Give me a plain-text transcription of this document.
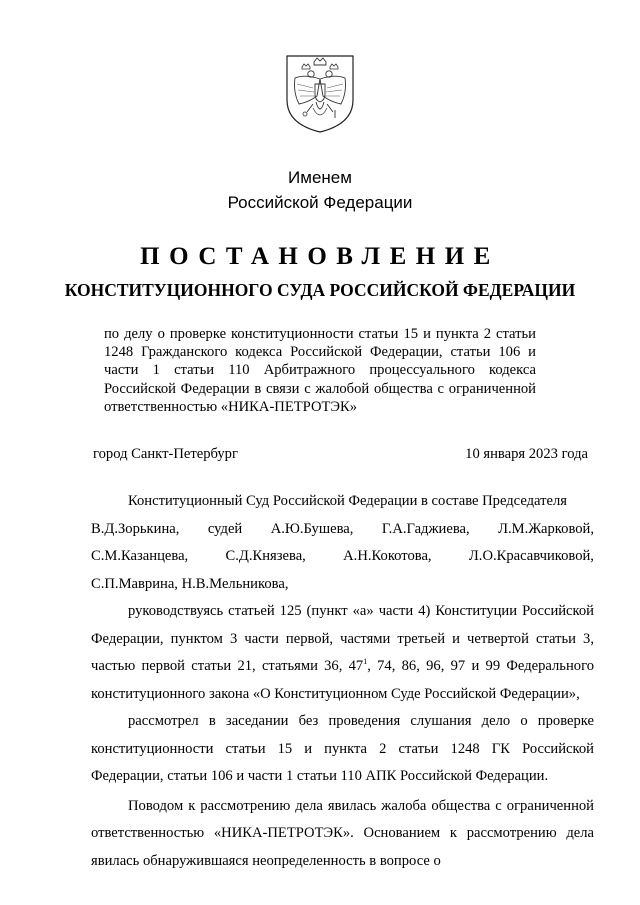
Именем
Российской Федерации
ПОСТАНОВЛЕНИЕ
КОНСТИТУЦИОННОГО СУДА РОССИЙСКОЙ ФЕДЕРАЦИИ
по делу о проверке конституционности статьи 15 и пункта 2 статьи 1248 Гражданского кодекса Российской Федерации, статьи 106 и части 1 статьи 110 Арбитражного процессуального кодекса Российской Федерации в связи с жалобой общества с ограниченной ответственностью «НИКА-ПЕТРОТЭК»
город Санкт-Петербург	10 января 2023 года

Конституционный Суд Российской Федерации в составе Председателя

В.Д.Зорькина, судей А.Ю.Бушева, Г.А.Гаджиева, Л.М.Жарковой,
С.М.Казанцева,	С.Д.Князева,	А.Н.Кокотова,	Л.О.Красавчиковой,
С.П.Маврина, Н.В.Мельникова,

руководствуясь статьей 125 (пункт «а» части 4) Конституции Российской Федерации, пунктом 3 части первой, частями третьей и четвертой статьи 3, частью первой статьи 21, статьями 36, $47^1$, 74, 86, 96, 97 и 99 Федерального конституционного закона «О Конституционном Суде Российской Федерации»,

рассмотрел в заседании без проведения слушания дело о проверке конституционности статьи 15 и пункта 2 статьи 1248 ГК Российской Федерации, статьи 106 и части 1 статьи 110 АПК Российской Федерации.

Поводом к рассмотрению дела явилась жалоба общества с ограниченной ответственностью «НИКА-ПЕТРОТЭК». Основанием к рассмотрению дела явилась обнаружившаяся неопределенность в вопросе о
